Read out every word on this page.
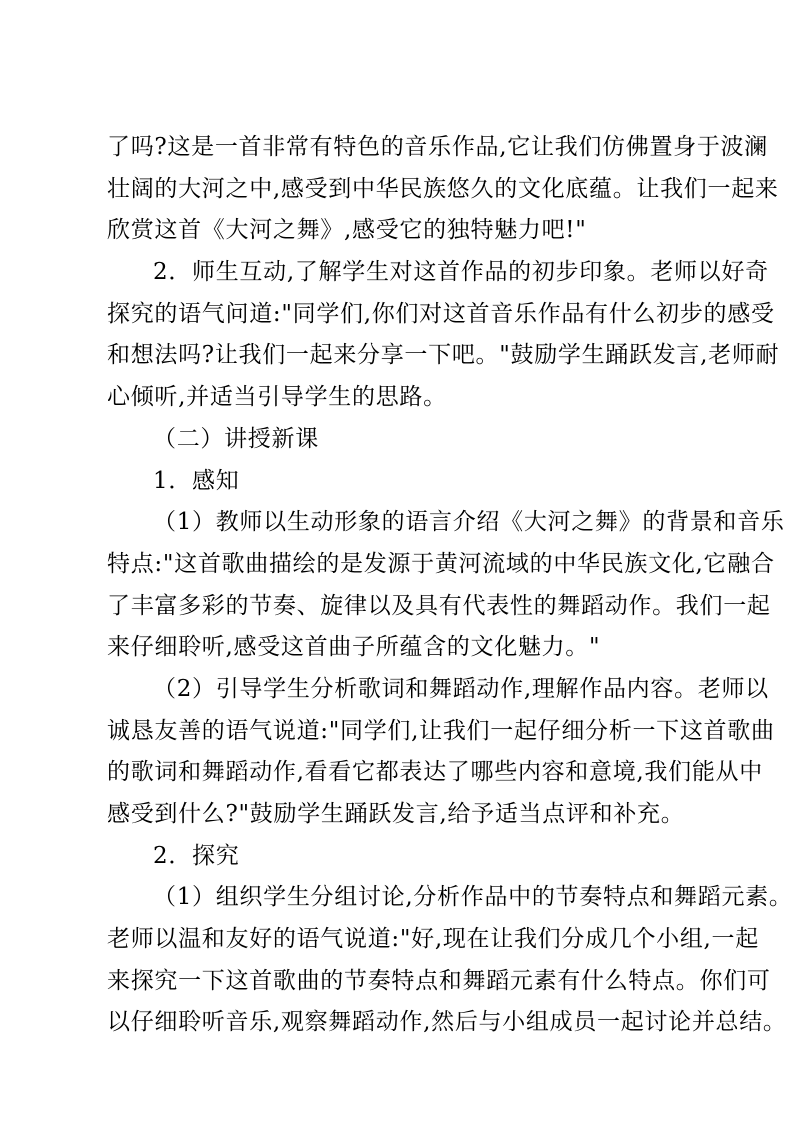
了吗?这是一首非常有特色的音乐作品,它让我们仿佛置身于波澜
壮阔的大河之中,感受到中华民族悠久的文化底蕴。让我们一起来
欣赏这首《大河之舞》,感受它的独特魅力吧!"
2．师生互动,了解学生对这首作品的初步印象。老师以好奇
探究的语气问道:"同学们,你们对这首音乐作品有什么初步的感受
和想法吗?让我们一起来分享一下吧。"鼓励学生踊跃发言,老师耐
心倾听,并适当引导学生的思路。
（二）讲授新课
1．感知
（1）教师以生动形象的语言介绍《大河之舞》的背景和音乐
特点:"这首歌曲描绘的是发源于黄河流域的中华民族文化,它融合
了丰富多彩的节奏、旋律以及具有代表性的舞蹈动作。我们一起
来仔细聆听,感受这首曲子所蕴含的文化魅力。"
（2）引导学生分析歌词和舞蹈动作,理解作品内容。老师以
诚恳友善的语气说道:"同学们,让我们一起仔细分析一下这首歌曲
的歌词和舞蹈动作,看看它都表达了哪些内容和意境,我们能从中
感受到什么?"鼓励学生踊跃发言,给予适当点评和补充。
2．探究
（1）组织学生分组讨论,分析作品中的节奏特点和舞蹈元素。
老师以温和友好的语气说道:"好,现在让我们分成几个小组,一起
来探究一下这首歌曲的节奏特点和舞蹈元素有什么特点。你们可
以仔细聆听音乐,观察舞蹈动作,然后与小组成员一起讨论并总结。
